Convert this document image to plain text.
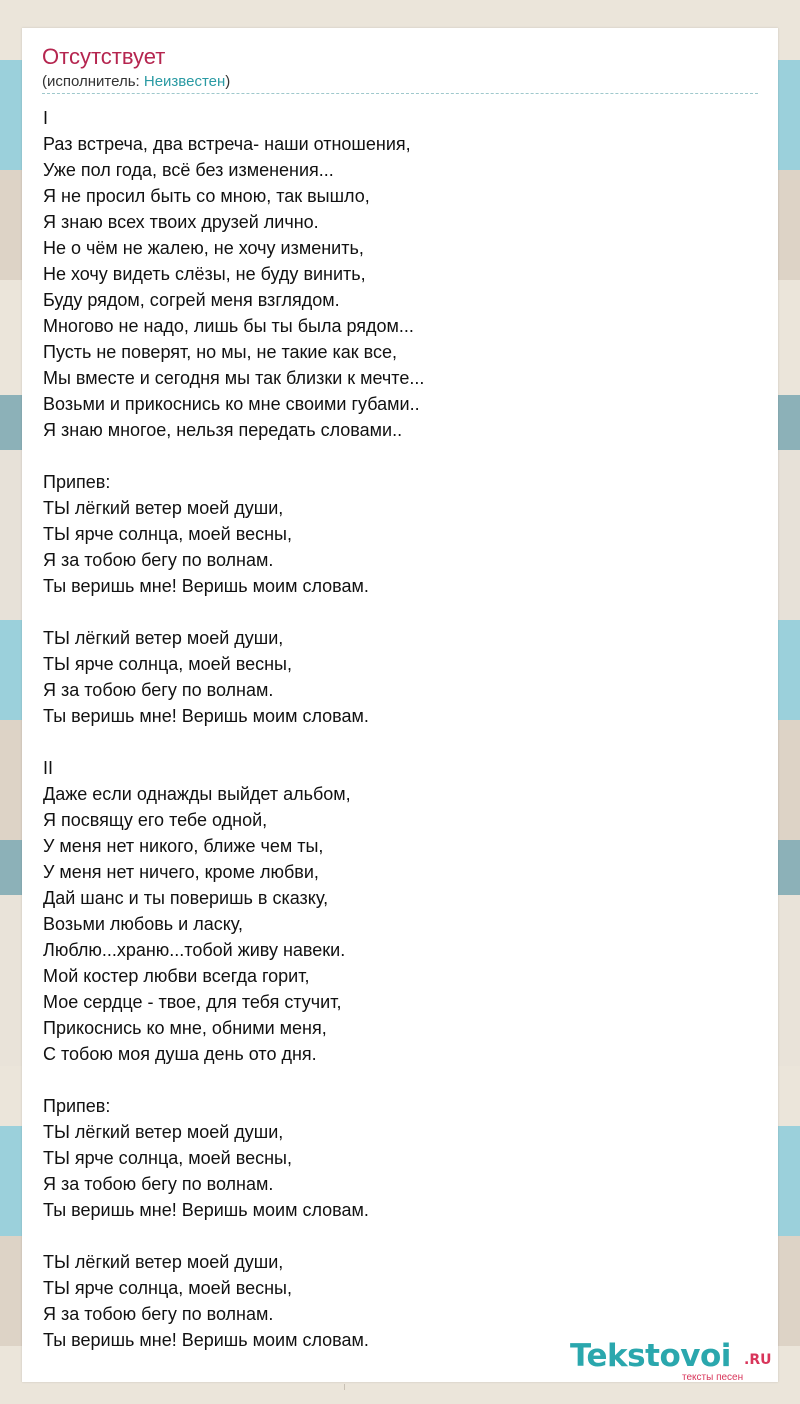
Отсутствует
(исполнитель: Неизвестен)
I
Раз встреча, два встреча- наши отношения,
Уже пол года, всё без изменения...
Я не просил быть со мною, так вышло,
Я знаю всех твоих друзей лично.
Не о чём не жалею, не хочу изменить,
Не хочу видеть слёзы, не буду винить,
Буду рядом, согрей меня взглядом.
Многово не надо, лишь бы ты была рядом...
Пусть не поверят, но мы, не такие как все,
Мы вместе и сегодня мы так близки к мечте...
Возьми и прикоснись ко мне своими губами..
Я знаю многое, нельзя передать словами..
Припев:
ТЫ лёгкий ветер моей души,
ТЫ ярче солнца, моей весны,
Я за тобою бегу по волнам.
Ты веришь мне! Веришь моим словам.
ТЫ лёгкий ветер моей души,
ТЫ ярче солнца, моей весны,
Я за тобою бегу по волнам.
Ты веришь мне! Веришь моим словам.
II
Даже если однажды выйдет альбом,
Я посвящу его тебе одной,
У меня нет никого, ближе чем ты,
У меня нет ничего, кроме любви,
Дай шанс и ты поверишь в сказку,
Возьми любовь и ласку,
Люблю...храню...тобой живу навеки.
Мой костер любви всегда горит,
Мое сердце - твое, для тебя стучит,
Прикоснись ко мне, обними меня,
С тобою моя душа день ото дня.
Припев:
ТЫ лёгкий ветер моей души,
ТЫ ярче солнца, моей весны,
Я за тобою бегу по волнам.
Ты веришь мне! Веришь моим словам.
ТЫ лёгкий ветер моей души,
ТЫ ярче солнца, моей весны,
Я за тобою бегу по волнам.
Ты веришь мне! Веришь моим словам.	Tekstovoi .RU
тексты песен
